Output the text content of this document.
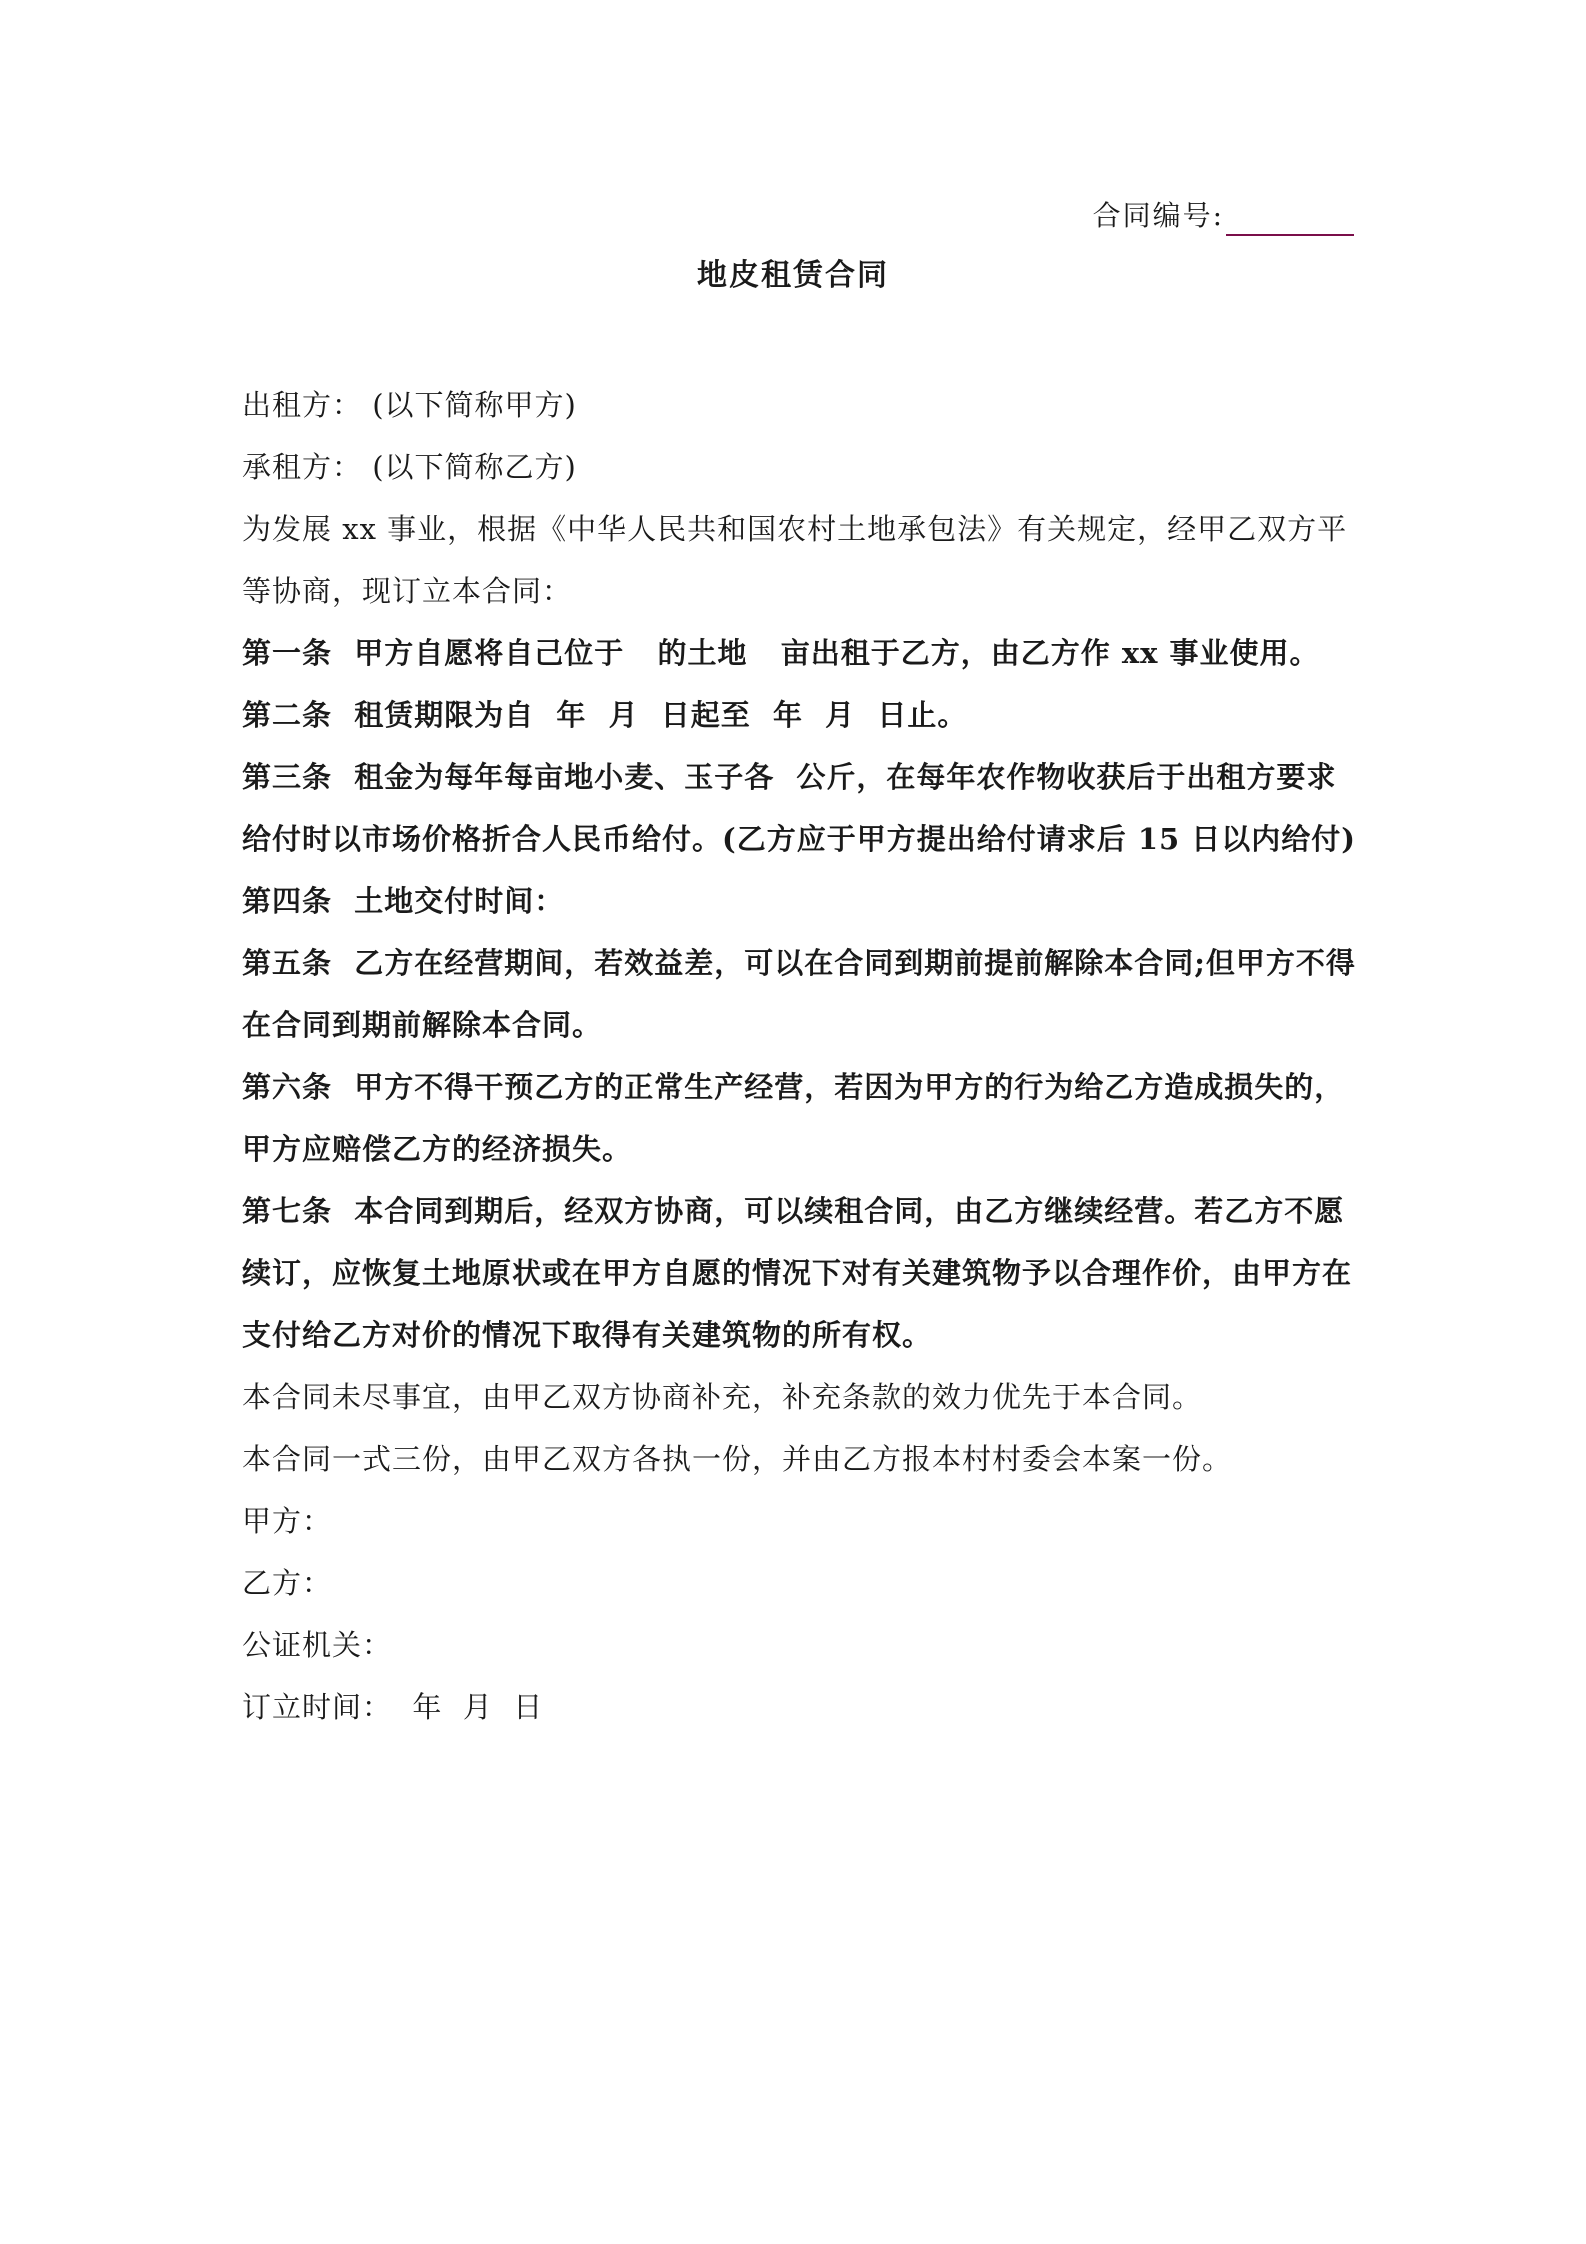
合同编号:
地皮租赁合同

出租方： (以下简称甲方)

承租方： (以下简称乙方)

为发展 xx 事业，根据《中华人民共和国农村土地承包法》有关规定，经甲乙双方平等协商，现订立本合同：

第一条  甲方自愿将自己位于   的土地   亩出租于乙方，由乙方作 xx 事业使用。

第二条  租赁期限为自  年  月  日起至  年  月  日止。

第三条  租金为每年每亩地小麦、玉子各  公斤，在每年农作物收获后于出租方要求给付时以市场价格折合人民币给付。(乙方应于甲方提出给付请求后 15 日以内给付)

第四条  土地交付时间：

第五条  乙方在经营期间，若效益差，可以在合同到期前提前解除本合同;但甲方不得在合同到期前解除本合同。

第六条  甲方不得干预乙方的正常生产经营，若因为甲方的行为给乙方造成损失的，甲方应赔偿乙方的经济损失。

第七条  本合同到期后，经双方协商，可以续租合同，由乙方继续经营。若乙方不愿续订，应恢复土地原状或在甲方自愿的情况下对有关建筑物予以合理作价，由甲方在支付给乙方对价的情况下取得有关建筑物的所有权。

本合同未尽事宜，由甲乙双方协商补充，补充条款的效力优先于本合同。

本合同一式三份，由甲乙双方各执一份，并由乙方报本村村委会本案一份。

甲方：

乙方：

公证机关：

订立时间：  年  月  日
